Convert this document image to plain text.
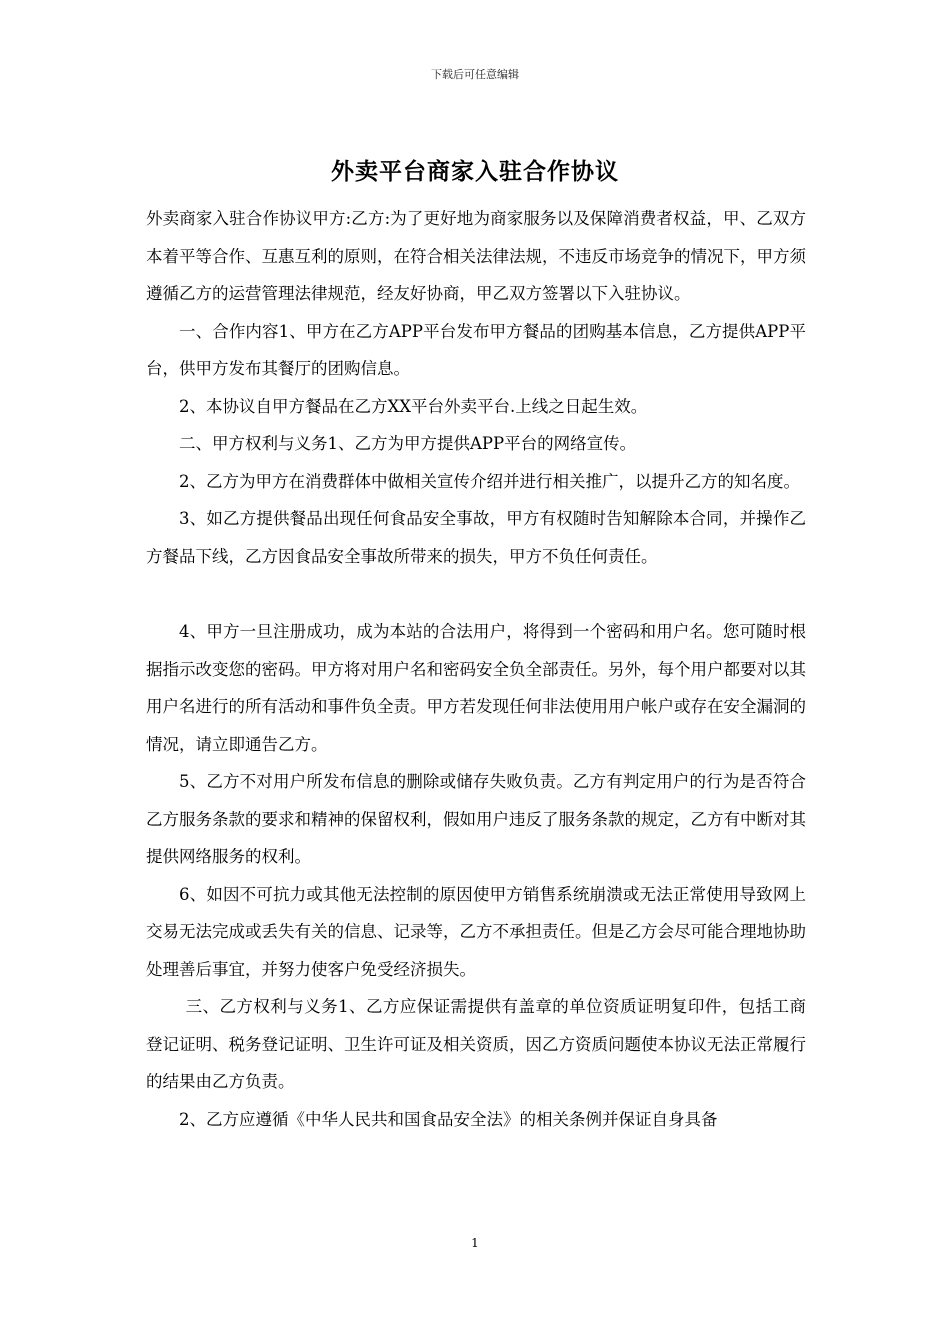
下载后可任意编辑
外卖平台商家入驻合作协议

外卖商家入驻合作协议甲方:乙方:为了更好地为商家服务以及保障消费者权益，甲、乙双方本着平等合作、互惠互利的原则，在符合相关法律法规，不违反市场竞争的情况下，甲方须遵循乙方的运营管理法律规范，经友好协商，甲乙双方签署以下入驻协议。

一、合作内容1、甲方在乙方APP平台发布甲方餐品的团购基本信息，乙方提供APP平台，供甲方发布其餐厅的团购信息。

2、本协议自甲方餐品在乙方XX平台外卖平台.上线之日起生效。

二、甲方权利与义务1、乙方为甲方提供APP平台的网络宣传。

2、乙方为甲方在消费群体中做相关宣传介绍并进行相关推广，以提升乙方的知名度。

3、如乙方提供餐品出现任何食品安全事故，甲方有权随时告知解除本合同，并操作乙方餐品下线，乙方因食品安全事故所带来的损失，甲方不负任何责任。

4、甲方一旦注册成功，成为本站的合法用户，将得到一个密码和用户名。您可随时根据指示改变您的密码。甲方将对用户名和密码安全负全部责任。另外，每个用户都要对以其用户名进行的所有活动和事件负全责。甲方若发现任何非法使用用户帐户或存在安全漏洞的情况，请立即通告乙方。

5、乙方不对用户所发布信息的删除或储存失败负责。乙方有判定用户的行为是否符合乙方服务条款的要求和精神的保留权利，假如用户违反了服务条款的规定，乙方有中断对其提供网络服务的权利。

6、如因不可抗力或其他无法控制的原因使甲方销售系统崩溃或无法正常使用导致网上交易无法完成或丢失有关的信息、记录等，乙方不承担责任。但是乙方会尽可能合理地协助处理善后事宜，并努力使客户免受经济损失。

三、乙方权利与义务1、乙方应保证需提供有盖章的单位资质证明复印件，包括工商登记证明、税务登记证明、卫生许可证及相关资质，因乙方资质问题使本协议无法正常履行的结果由乙方负责。

2、乙方应遵循《中华人民共和国食品安全法》的相关条例并保证自身具备

1
